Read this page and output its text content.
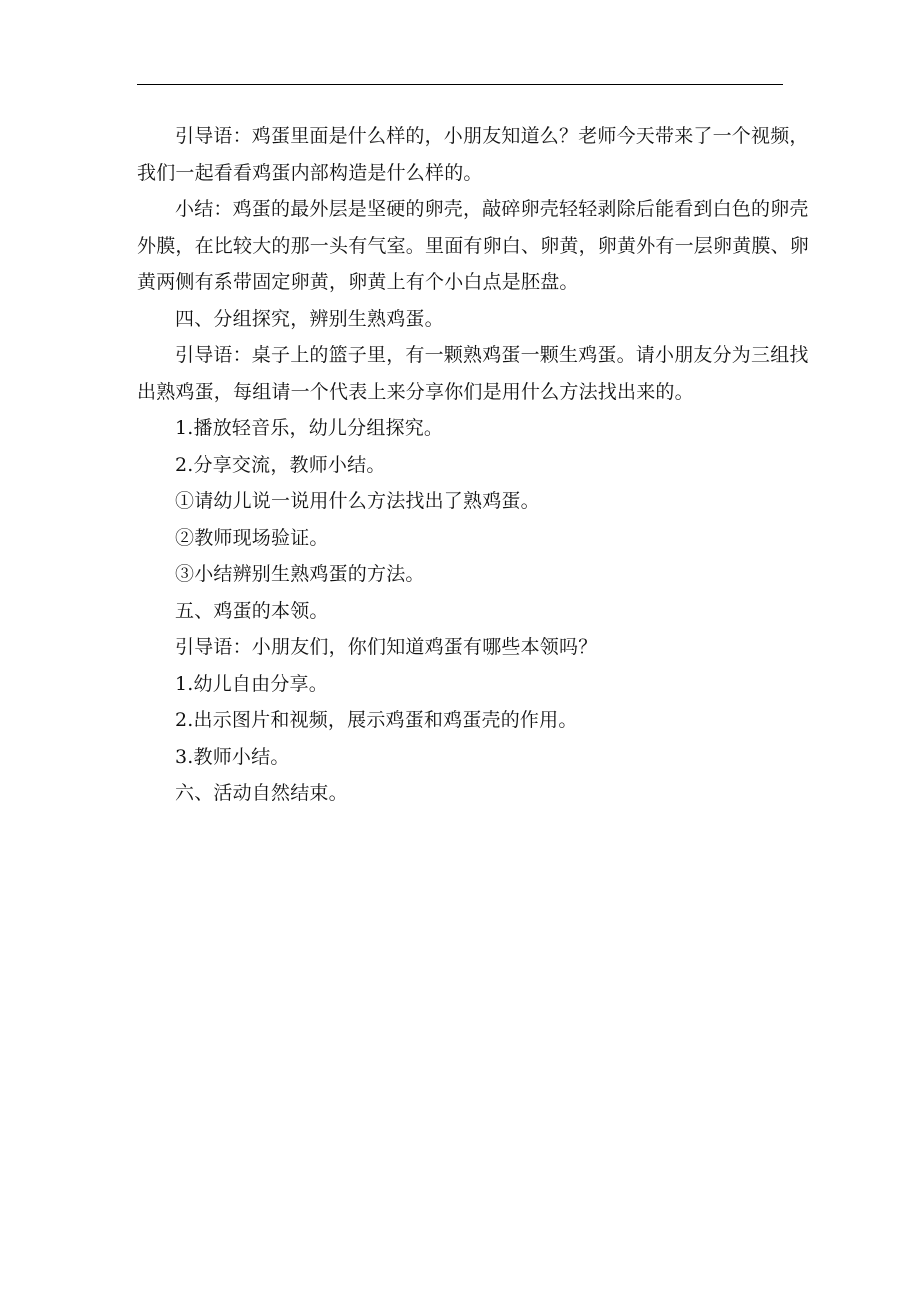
引导语：鸡蛋里面是什么样的，小朋友知道么？老师今天带来了一个视频，
我们一起看看鸡蛋内部构造是什么样的。
小结：鸡蛋的最外层是坚硬的卵壳，敲碎卵壳轻轻剥除后能看到白色的卵壳
外膜，在比较大的那一头有气室。里面有卵白、卵黄，卵黄外有一层卵黄膜、卵
黄两侧有系带固定卵黄，卵黄上有个小白点是胚盘。
四、分组探究，辨别生熟鸡蛋。
引导语：桌子上的篮子里，有一颗熟鸡蛋一颗生鸡蛋。请小朋友分为三组找
出熟鸡蛋，每组请一个代表上来分享你们是用什么方法找出来的。
1.播放轻音乐，幼儿分组探究。
2.分享交流，教师小结。
①请幼儿说一说用什么方法找出了熟鸡蛋。
②教师现场验证。
③小结辨别生熟鸡蛋的方法。
五、鸡蛋的本领。
引导语：小朋友们，你们知道鸡蛋有哪些本领吗？
1.幼儿自由分享。
2.出示图片和视频，展示鸡蛋和鸡蛋壳的作用。
3.教师小结。
六、活动自然结束。
